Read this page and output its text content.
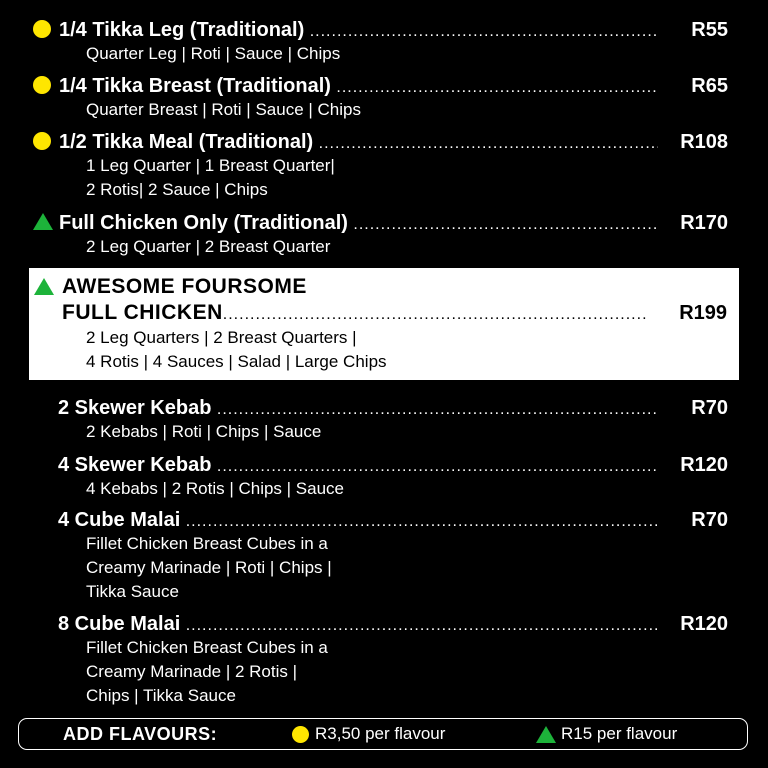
1/4 Tikka Leg (Traditional) .....	R55
Quarter Leg | Roti | Sauce | Chips
1/4 Tikka Breast (Traditional) .....	R65
Quarter Breast | Roti | Sauce | Chips
1/2 Tikka Meal (Traditional) .....	R108
1 Leg Quarter | 1 Breast Quarter|
2 Rotis| 2 Sauce | Chips
Full Chicken Only (Traditional) .....	R170
2 Leg Quarter | 2 Breast Quarter
AWESOME FOURSOME
FULL CHICKEN .....	R199
2 Leg Quarters | 2 Breast Quarters |
4 Rotis | 4 Sauces | Salad | Large Chips
2 Skewer Kebab .....	R70
2 Kebabs | Roti | Chips | Sauce
4 Skewer Kebab .....	R120
4 Kebabs | 2 Rotis | Chips | Sauce
4 Cube Malai .....	R70
Fillet Chicken Breast Cubes in a
Creamy Marinade | Roti | Chips |
Tikka Sauce
8 Cube Malai .....	R120
Fillet Chicken Breast Cubes in a
Creamy Marinade | 2 Rotis |
Chips | Tikka Sauce
ADD FLAVOURS:	R3,50 per flavour	R15 per flavour
